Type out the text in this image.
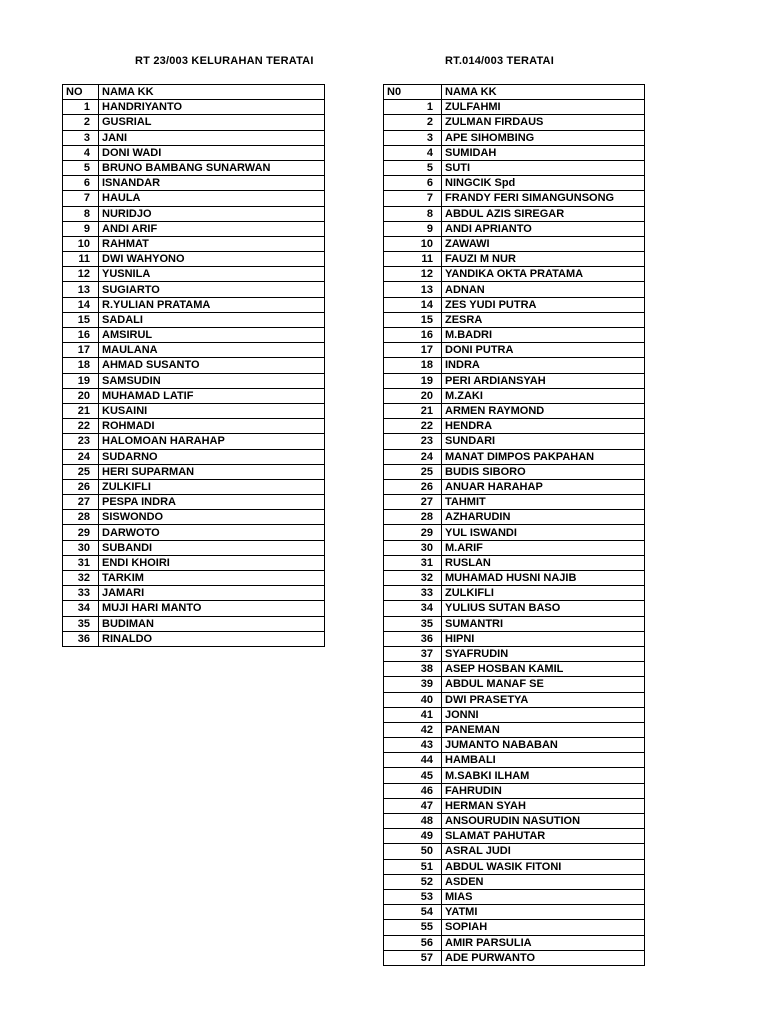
RT 23/003 KELURAHAN TERATAI	RT.014/003 TERATAI
NO	NAMA KK
1	HANDRIYANTO
2	GUSRIAL
3	JANI
4	DONI WADI
5	BRUNO BAMBANG SUNARWAN
6	ISNANDAR
7	HAULA
8	NURIDJO
9	ANDI ARIF
10	RAHMAT
11	DWI WAHYONO
12	YUSNILA
13	SUGIARTO
14	R.YULIAN PRATAMA
15	SADALI
16	AMSIRUL
17	MAULANA
18	AHMAD SUSANTO
19	SAMSUDIN
20	MUHAMAD LATIF
21	KUSAINI
22	ROHMADI
23	HALOMOAN HARAHAP
24	SUDARNO
25	HERI SUPARMAN
26	ZULKIFLI
27	PESPA INDRA
28	SISWONDO
29	DARWOTO
30	SUBANDI
31	ENDI KHOIRI
32	TARKIM
33	JAMARI
34	MUJI HARI MANTO
35	BUDIMAN
36	RINALDO
N0	NAMA KK
1	ZULFAHMI
2	ZULMAN FIRDAUS
3	APE SIHOMBING
4	SUMIDAH
5	SUTI
6	NINGCIK Spd
7	FRANDY FERI SIMANGUNSONG
8	ABDUL AZIS SIREGAR
9	ANDI APRIANTO
10	ZAWAWI
11	FAUZI M NUR
12	YANDIKA OKTA PRATAMA
13	ADNAN
14	ZES YUDI PUTRA
15	ZESRA
16	M.BADRI
17	DONI PUTRA
18	INDRA
19	PERI ARDIANSYAH
20	M.ZAKI
21	ARMEN RAYMOND
22	HENDRA
23	SUNDARI
24	MANAT DIMPOS PAKPAHAN
25	BUDIS SIBORO
26	ANUAR HARAHAP
27	TAHMIT
28	AZHARUDIN
29	YUL ISWANDI
30	M.ARIF
31	RUSLAN
32	MUHAMAD HUSNI NAJIB
33	ZULKIFLI
34	YULIUS SUTAN BASO
35	SUMANTRI
36	HIPNI
37	SYAFRUDIN
38	ASEP HOSBAN KAMIL
39	ABDUL MANAF SE
40	DWI PRASETYA
41	JONNI
42	PANEMAN
43	JUMANTO NABABAN
44	HAMBALI
45	M.SABKI ILHAM
46	FAHRUDIN
47	HERMAN SYAH
48	ANSOURUDIN NASUTION
49	SLAMAT PAHUTAR
50	ASRAL JUDI
51	ABDUL WASIK FITONI
52	ASDEN
53	MIAS
54	YATMI
55	SOPIAH
56	AMIR PARSULIA
57	ADE PURWANTO
